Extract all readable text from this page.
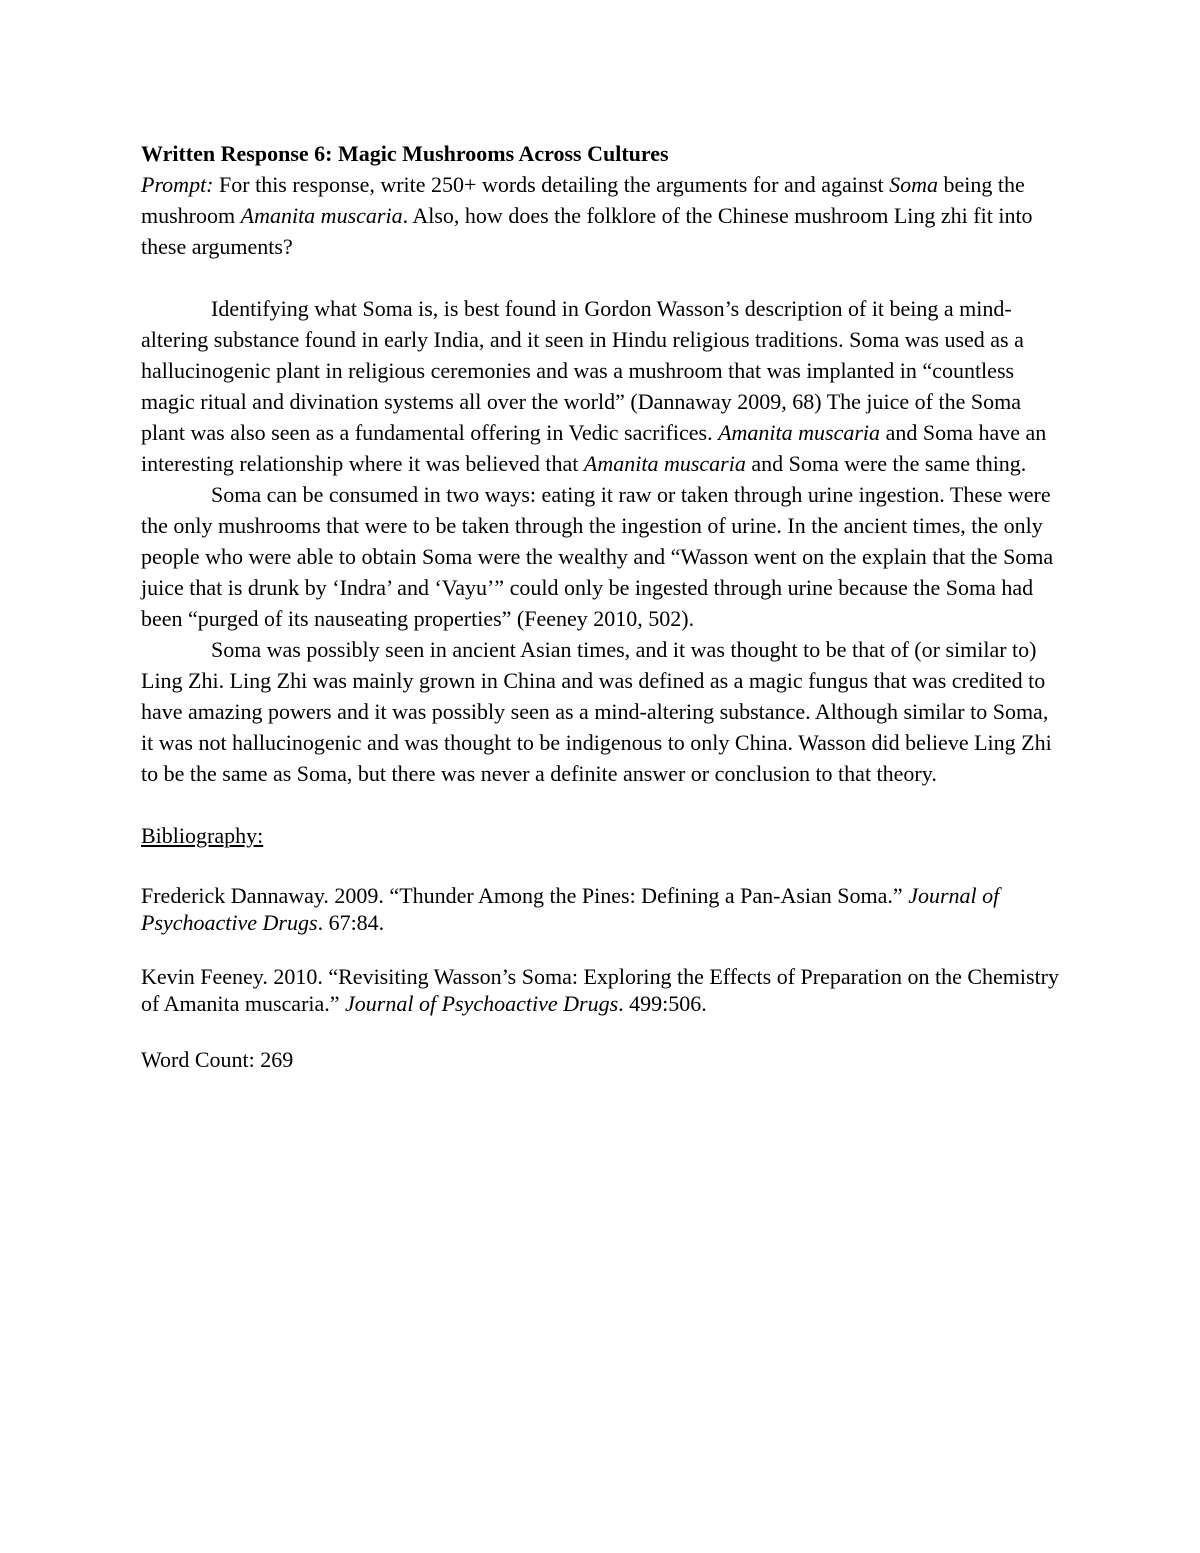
Written Response 6: Magic Mushrooms Across Cultures

Prompt: For this response, write 250+ words detailing the arguments for and against Soma being the mushroom Amanita muscaria. Also, how does the folklore of the Chinese mushroom Ling zhi fit into these arguments?

Identifying what Soma is, is best found in Gordon Wasson’s description of it being a mind-altering substance found in early India, and it seen in Hindu religious traditions. Soma was used as a hallucinogenic plant in religious ceremonies and was a mushroom that was implanted in “countless magic ritual and divination systems all over the world” (Dannaway 2009, 68) The juice of the Soma plant was also seen as a fundamental offering in Vedic sacrifices. Amanita muscaria and Soma have an interesting relationship where it was believed that Amanita muscaria and Soma were the same thing.

Soma can be consumed in two ways: eating it raw or taken through urine ingestion. These were the only mushrooms that were to be taken through the ingestion of urine. In the ancient times, the only people who were able to obtain Soma were the wealthy and “Wasson went on the explain that the Soma juice that is drunk by ‘Indra’ and ‘Vayu’” could only be ingested through urine because the Soma had been “purged of its nauseating properties” (Feeney 2010, 502).

Soma was possibly seen in ancient Asian times, and it was thought to be that of (or similar to) Ling Zhi. Ling Zhi was mainly grown in China and was defined as a magic fungus that was credited to have amazing powers and it was possibly seen as a mind-altering substance. Although similar to Soma, it was not hallucinogenic and was thought to be indigenous to only China. Wasson did believe Ling Zhi to be the same as Soma, but there was never a definite answer or conclusion to that theory.

Bibliography:

Frederick Dannaway. 2009. “Thunder Among the Pines: Defining a Pan-Asian Soma.” Journal of Psychoactive Drugs. 67:84.

Kevin Feeney. 2010. “Revisiting Wasson’s Soma: Exploring the Effects of Preparation on the Chemistry of Amanita muscaria.” Journal of Psychoactive Drugs. 499:506.

Word Count: 269
